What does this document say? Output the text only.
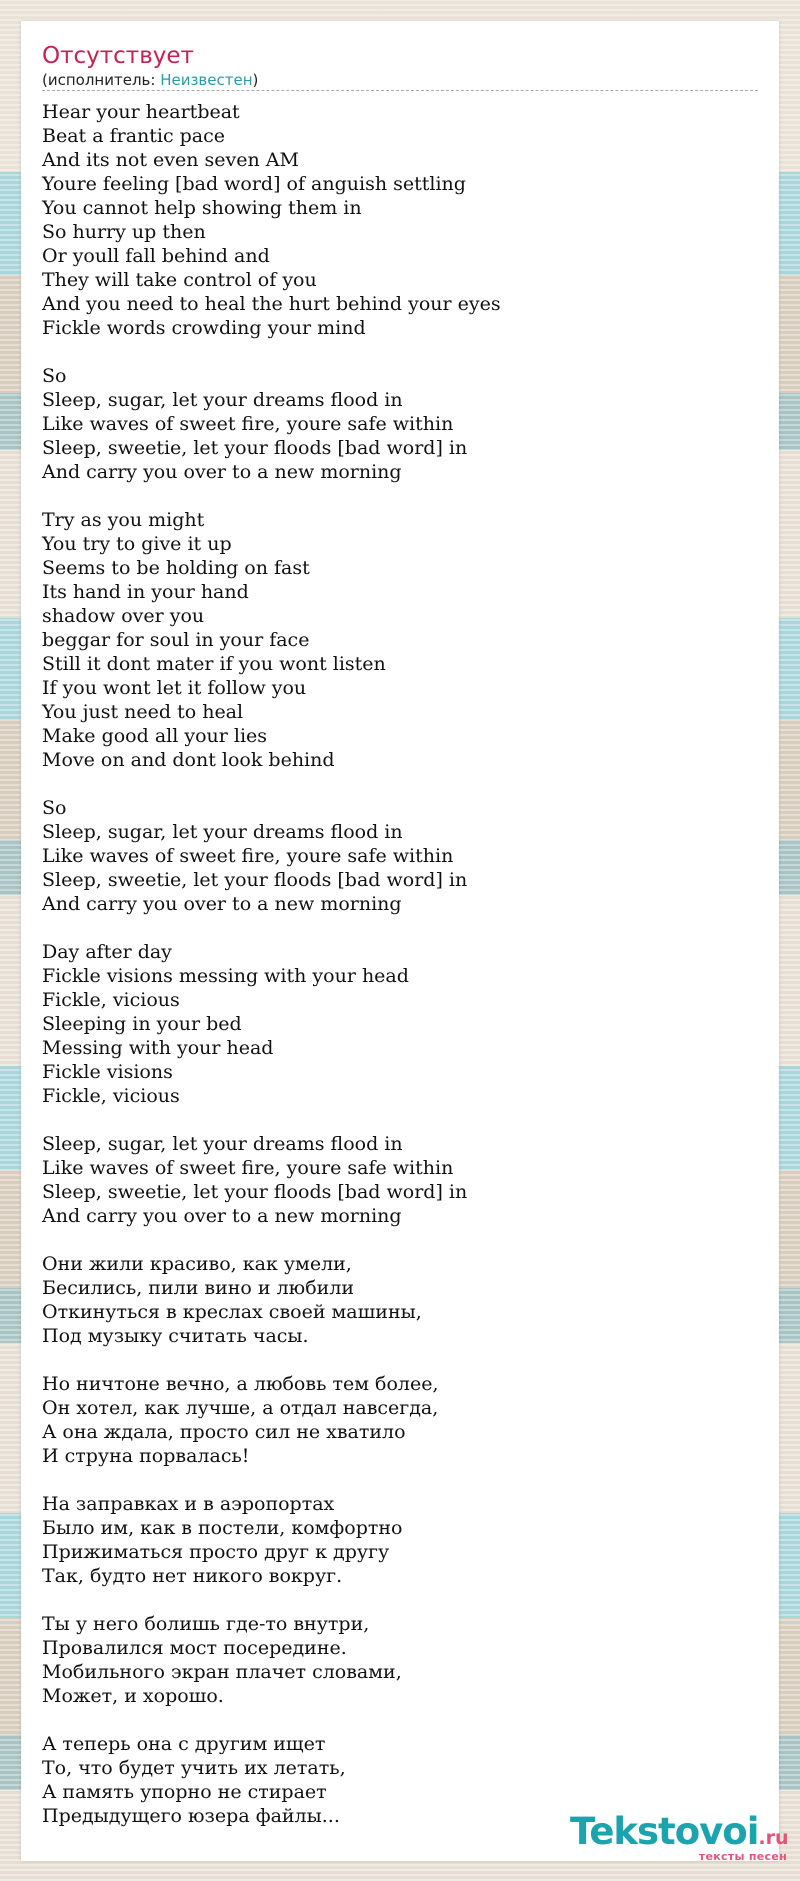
Отсутствует
(исполнитель: Неизвестен)
Hear your heartbeat
Beat a frantic pace
And its not even seven AM
Youre feeling [bad word] of anguish settling
You cannot help showing them in
So hurry up then
Or youll fall behind and
They will take control of you
And you need to heal the hurt behind your eyes
Fickle words crowding your mind
So
Sleep, sugar, let your dreams flood in
Like waves of sweet fire, youre safe within
Sleep, sweetie, let your floods [bad word] in
And carry you over to a new morning
Try as you might
You try to give it up
Seems to be holding on fast
Its hand in your hand
shadow over you
beggar for soul in your face
Still it dont mater if you wont listen
If you wont let it follow you
You just need to heal
Make good all your lies
Move on and dont look behind
So
Sleep, sugar, let your dreams flood in
Like waves of sweet fire, youre safe within
Sleep, sweetie, let your floods [bad word] in
And carry you over to a new morning
Day after day
Fickle visions messing with your head
Fickle, vicious
Sleeping in your bed
Messing with your head
Fickle visions
Fickle, vicious
Sleep, sugar, let your dreams flood in
Like waves of sweet fire, youre safe within
Sleep, sweetie, let your floods [bad word] in
And carry you over to a new morning
Они жили красиво, как умели,
Бесились, пили вино и любили
Откинуться в креслах своей машины,
Под музыку считать часы.
Но ничтоне вечно, а любовь тем более,
Он хотел, как лучше, а отдал навсегда,
А она ждала, просто сил не хватило
И струна порвалась!
На заправках и в аэропортах
Было им, как в постели, комфортно
Прижиматься просто друг к другу
Так, будто нет никого вокруг.
Ты у него болишь где-то внутри,
Провалился мост посередине.
Мобильного экран плачет словами,
Может, и хорошо.
А теперь она с другим ищет
То, что будет учить их летать,
А память упорно не стирает
Предыдущего юзера файлы...	Tekstovoi.ru
тексты песен
